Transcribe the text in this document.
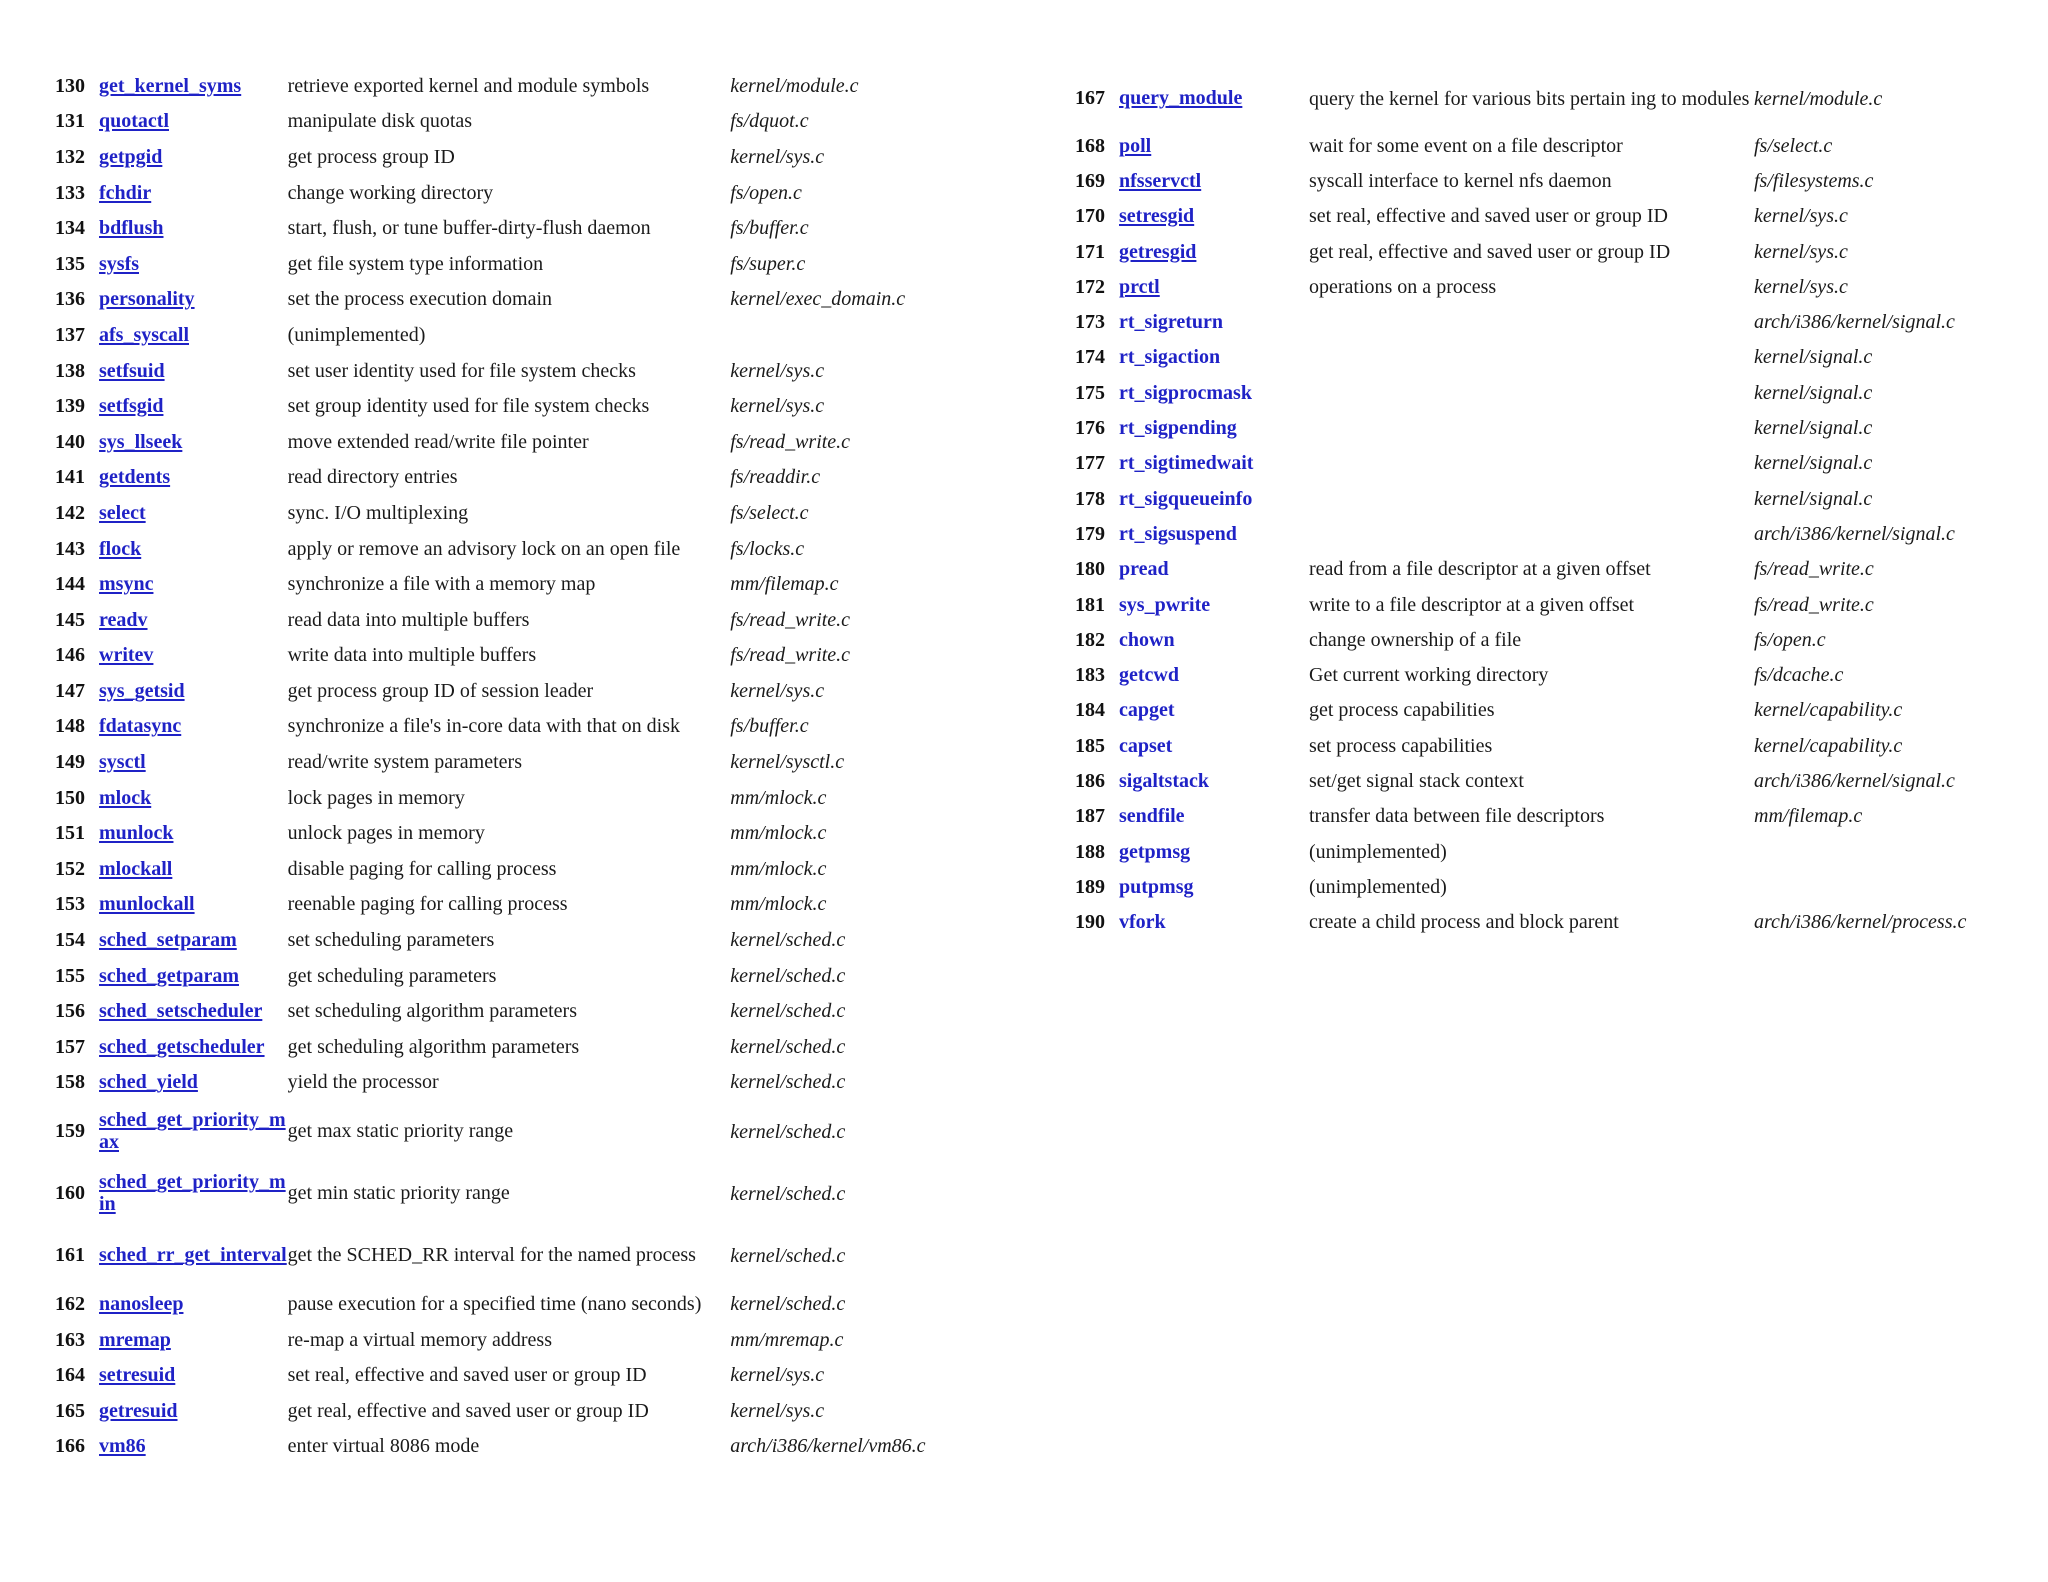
130	get_kernel_syms	retrieve exported kernel and module symbols	kernel/module.c
131	quotactl	manipulate disk quotas	fs/dquot.c
132	getpgid	get process group ID	kernel/sys.c
133	fchdir	change working directory	fs/open.c
134	bdflush	start, flush, or tune buffer-dirty-flush daemon	fs/buffer.c
135	sysfs	get file system type information	fs/super.c
136	personality	set the process execution domain	kernel/exec_domain.c
137	afs_syscall	(unimplemented)	
138	setfsuid	set user identity used for file system checks	kernel/sys.c
139	setfsgid	set group identity used for file system checks	kernel/sys.c
140	sys_llseek	move extended read/write file pointer	fs/read_write.c
141	getdents	read directory entries	fs/readdir.c
142	select	sync. I/O multiplexing	fs/select.c
143	flock	apply or remove an advisory lock on an open file	fs/locks.c
144	msync	synchronize a file with a memory map	mm/filemap.c
145	readv	read data into multiple buffers	fs/read_write.c
146	writev	write data into multiple buffers	fs/read_write.c
147	sys_getsid	get process group ID of session leader	kernel/sys.c
148	fdatasync	synchronize a file's in-core data with that on disk	fs/buffer.c
149	sysctl	read/write system parameters	kernel/sysctl.c
150	mlock	lock pages in memory	mm/mlock.c
151	munlock	unlock pages in memory	mm/mlock.c
152	mlockall	disable paging for calling process	mm/mlock.c
153	munlockall	reenable paging for calling process	mm/mlock.c
154	sched_setparam	set scheduling parameters	kernel/sched.c
155	sched_getparam	get scheduling parameters	kernel/sched.c
156	sched_setscheduler	set scheduling algorithm parameters	kernel/sched.c
157	sched_getscheduler	get scheduling algorithm parameters	kernel/sched.c
158	sched_yield	yield the processor	kernel/sched.c
159	sched_get_priority_max	get max static priority range	kernel/sched.c
160	sched_get_priority_min	get min static priority range	kernel/sched.c
161	sched_rr_get_interval	get the SCHED_RR interval for the named process	kernel/sched.c
162	nanosleep	pause execution for a specified time (nano seconds)	kernel/sched.c
163	mremap	re-map a virtual memory address	mm/mremap.c
164	setresuid	set real, effective and saved user or group ID	kernel/sys.c
165	getresuid	get real, effective and saved user or group ID	kernel/sys.c
166	vm86	enter virtual 8086 mode	arch/i386/kernel/vm86.c
167	query_module	query the kernel for various bits pertain ing to modules	kernel/module.c
168	poll	wait for some event on a file descriptor	fs/select.c
169	nfsservctl	syscall interface to kernel nfs daemon	fs/filesystems.c
170	setresgid	set real, effective and saved user or group ID	kernel/sys.c
171	getresgid	get real, effective and saved user or group ID	kernel/sys.c
172	prctl	operations on a process	kernel/sys.c
173	rt_sigreturn		arch/i386/kernel/signal.c
174	rt_sigaction		kernel/signal.c
175	rt_sigprocmask		kernel/signal.c
176	rt_sigpending		kernel/signal.c
177	rt_sigtimedwait		kernel/signal.c
178	rt_sigqueueinfo		kernel/signal.c
179	rt_sigsuspend		arch/i386/kernel/signal.c
180	pread	read from a file descriptor at a given offset	fs/read_write.c
181	sys_pwrite	write to a file descriptor at a given offset	fs/read_write.c
182	chown	change ownership of a file	fs/open.c
183	getcwd	Get current working directory	fs/dcache.c
184	capget	get process capabilities	kernel/capability.c
185	capset	set process capabilities	kernel/capability.c
186	sigaltstack	set/get signal stack context	arch/i386/kernel/signal.c
187	sendfile	transfer data between file descriptors	mm/filemap.c
188	getpmsg	(unimplemented)	
189	putpmsg	(unimplemented)	
190	vfork	create a child process and block parent	arch/i386/kernel/process.c
